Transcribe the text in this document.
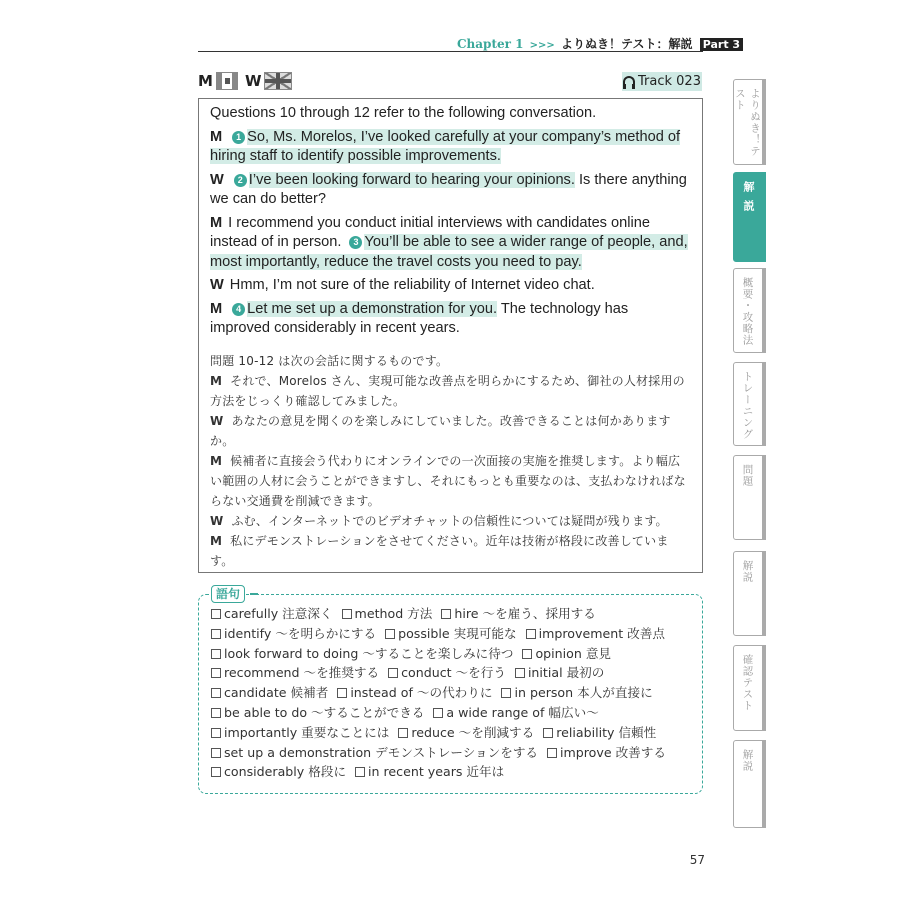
Chapter 1 >>> よりぬき！テスト：解説 Part 3
M W	Track 023

Questions 10 through 12 refer to the following conversation.

M 1 So, Ms. Morelos, I’ve looked carefully at your company’s method of hiring staff to identify possible improvements.

W 2 I’ve been looking forward to hearing your opinions. Is there anything we can do better?

M I recommend you conduct initial interviews with candidates online instead of in person. 3 You’ll be able to see a wider range of people, and, most importantly, reduce the travel costs you need to pay.

W Hmm, I’m not sure of the reliability of Internet video chat.

M 4 Let me set up a demonstration for you. The technology has improved considerably in recent years.

問題 10-12 は次の会話に関するものです。

M それで、Morelos さん、実現可能な改善点を明らかにするため、御社の人材採用の方法をじっくり確認してみました。

W あなたの意見を聞くのを楽しみにしていました。改善できることは何かありますか。

M 候補者に直接会う代わりにオンラインでの一次面接の実施を推奨します。より幅広い範囲の人材に会うことができますし、それにもっとも重要なのは、支払わなければならない交通費を削減できます。

W ふむ、インターネットでのビデオチャットの信頼性については疑問が残ります。

M 私にデモンストレーションをさせてください。近年は技術が格段に改善しています。

語句
carefully 注意深く method 方法 hire ～を雇う、採用する
identify ～を明らかにする possible 実現可能な improvement 改善点
look forward to doing ～することを楽しみに待つ opinion 意見
recommend ～を推奨する conduct ～を行う initial 最初の
candidate 候補者 instead of ～の代わりに in person 本人が直接に
be able to do ～することができる a wide range of 幅広い～
importantly 重要なことには reduce ～を削減する reliability 信頼性
set up a demonstration デモンストレーションをする improve 改善する
considerably 格段に in recent years 近年は
よりぬき！テスト
解説
概要・攻略法
トレーニング
問題
解説
確認テスト
解説
57
